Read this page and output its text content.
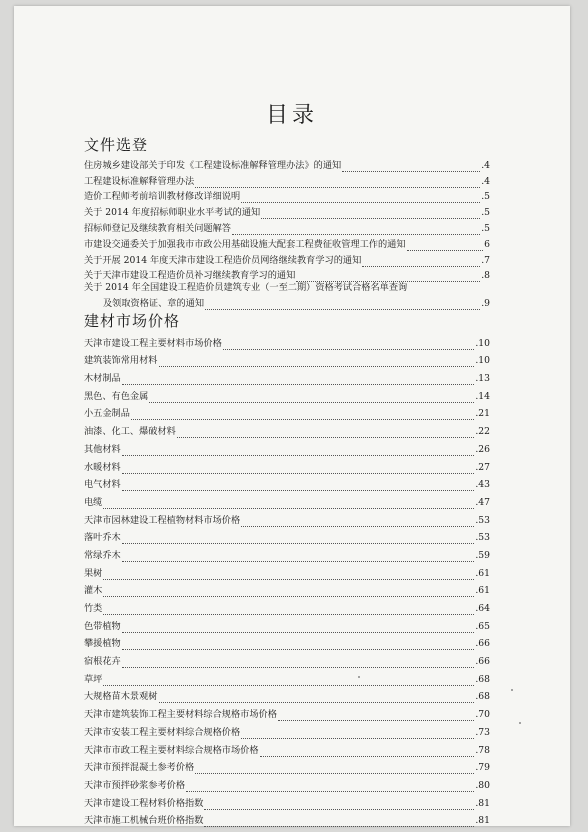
目录
文件选登
住房城乡建设部关于印发《工程建设标准解释管理办法》的通知	.4
工程建设标准解释管理办法	.4
造价工程师考前培训教材修改详细说明	.5
关于 2014 年度招标师职业水平考试的通知	.5
招标师登记及继续教育相关问题解答	.5
市建设交通委关于加强我市市政公用基础设施大配套工程费征收管理工作的通知	6
关于开展 2014 年度天津市建设工程造价员网络继续教育学习的通知	.7
关于天津市建设工程造价员补习继续教育学习的通知	.8
关于 2014 年全国建设工程造价员建筑专业（一至二期）资格考试合格名单查询
及领取资格证、章的通知	.9
建材市场价格
天津市建设工程主要材料市场价格	.10
建筑装饰常用材料	.10
木材制品	.13
黑色、有色金属	.14
小五金制品	.21
油漆、化工、爆破材料	.22
其他材料	.26
水暖材料	.27
电气材料	.43
电缆	.47
天津市园林建设工程植物材料市场价格	.53
落叶乔木	.53
常绿乔木	.59
果树	.61
灌木	.61
竹类	.64
色带植物	.65
攀援植物	.66
宿根花卉	.66
草坪	.68
大规格苗木景观树	.68
天津市建筑装饰工程主要材料综合规格市场价格	.70
天津市安装工程主要材料综合规格价格	.73
天津市市政工程主要材料综合规格市场价格	.78
天津市预拌混凝土参考价格	.79
天津市预拌砂浆参考价格	.80
天津市建设工程材料价格指数	.81
天津市施工机械台班价格指数	.81
